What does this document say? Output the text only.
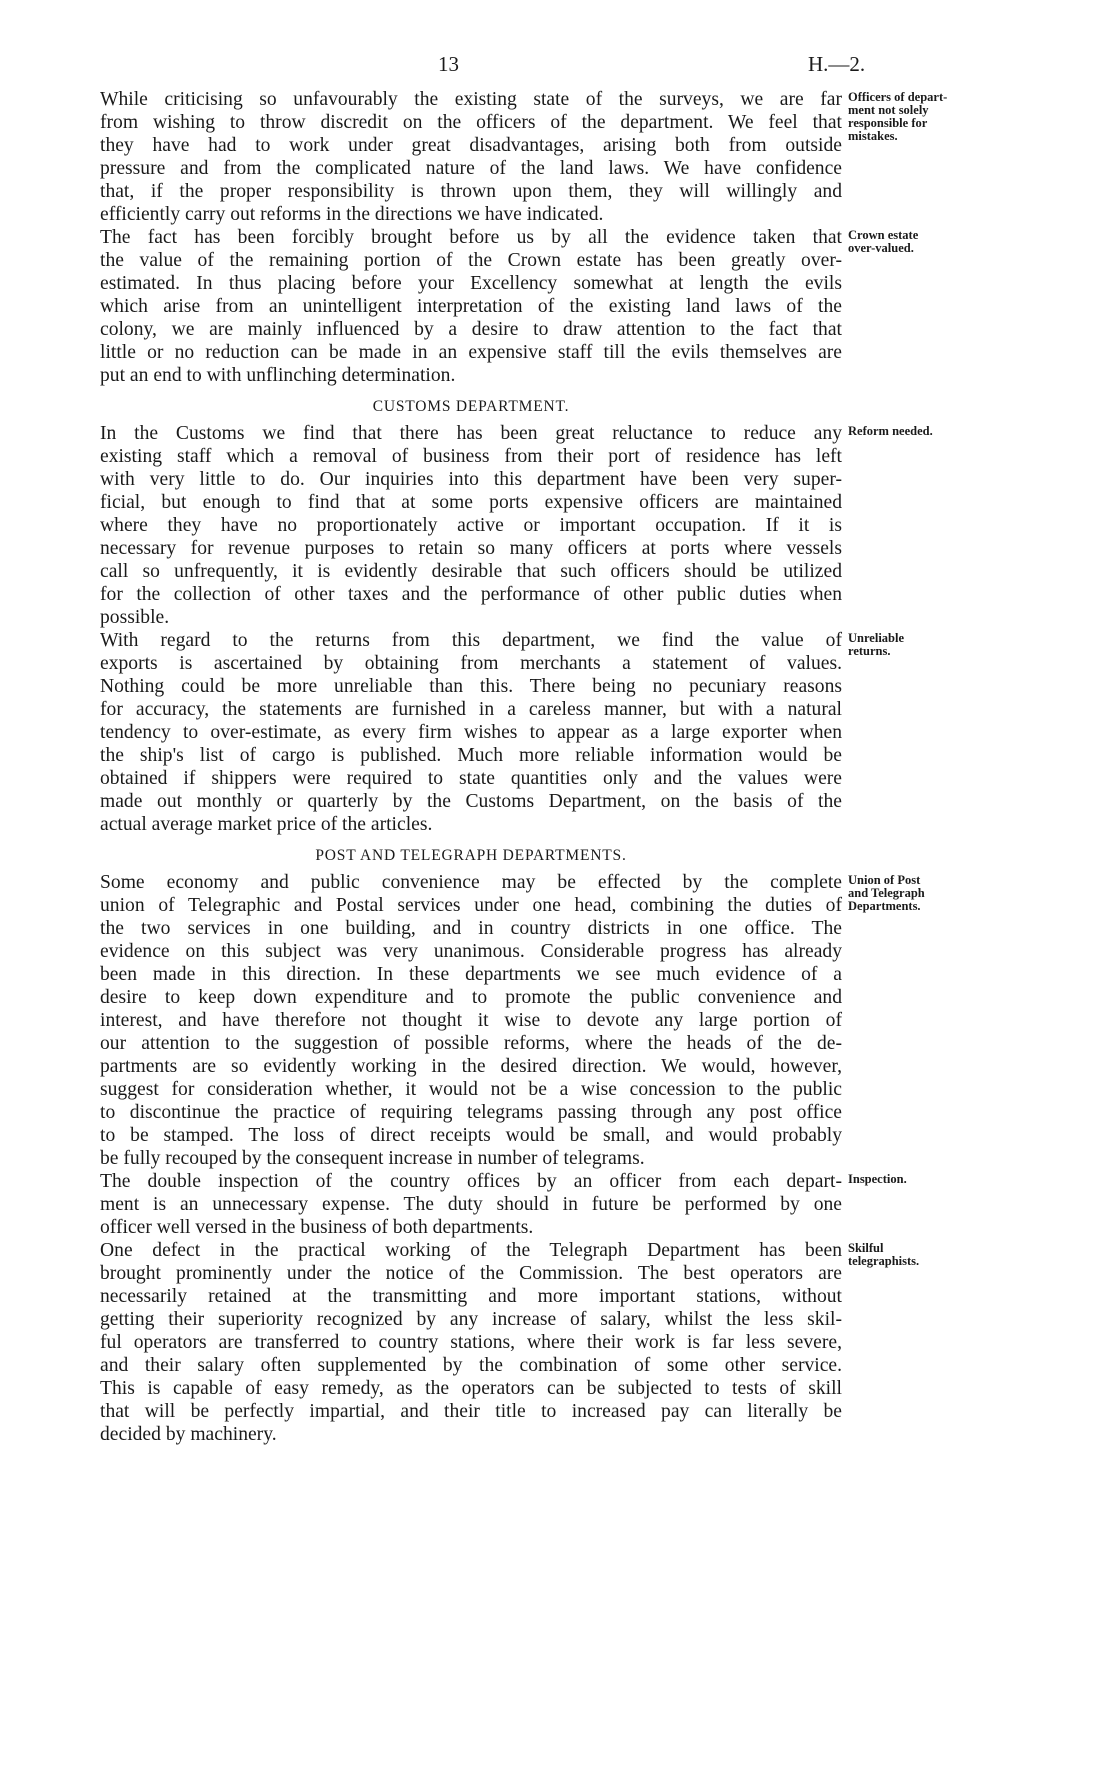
13	H.—2.
While criticising so unfavourably the existing state of the surveys, we are far
from wishing to throw discredit on the officers of the department. We feel that
they have had to work under great disadvantages, arising both from outside
pressure and from the complicated nature of the land laws. We have confidence
that, if the proper responsibility is thrown upon them, they will willingly and
efficiently carry out reforms in the directions we have indicated.
Officers of depart-
ment not solely
responsible for
mistakes.
The fact has been forcibly brought before us by all the evidence taken that
the value of the remaining portion of the Crown estate has been greatly over-
estimated. In thus placing before your Excellency somewhat at length the evils
which arise from an unintelligent interpretation of the existing land laws of the
colony, we are mainly influenced by a desire to draw attention to the fact that
little or no reduction can be made in an expensive staff till the evils themselves are
put an end to with unflinching determination.
Crown estate
over-valued.
CUSTOMS DEPARTMENT.
In the Customs we find that there has been great reluctance to reduce any
existing staff which a removal of business from their port of residence has left
with very little to do. Our inquiries into this department have been very super-
ficial, but enough to find that at some ports expensive officers are maintained
where they have no proportionately active or important occupation. If it is
necessary for revenue purposes to retain so many officers at ports where vessels
call so unfrequently, it is evidently desirable that such officers should be utilized
for the collection of other taxes and the performance of other public duties when
possible.
Reform needed.
With regard to the returns from this department, we find the value of
exports is ascertained by obtaining from merchants a statement of values.
Nothing could be more unreliable than this. There being no pecuniary reasons
for accuracy, the statements are furnished in a careless manner, but with a natural
tendency to over-estimate, as every firm wishes to appear as a large exporter when
the ship's list of cargo is published. Much more reliable information would be
obtained if shippers were required to state quantities only and the values were
made out monthly or quarterly by the Customs Department, on the basis of the
actual average market price of the articles.
Unreliable
returns.
POST AND TELEGRAPH DEPARTMENTS.
Some economy and public convenience may be effected by the complete
union of Telegraphic and Postal services under one head, combining the duties of
the two services in one building, and in country districts in one office. The
evidence on this subject was very unanimous. Considerable progress has already
been made in this direction. In these departments we see much evidence of a
desire to keep down expenditure and to promote the public convenience and
interest, and have therefore not thought it wise to devote any large portion of
our attention to the suggestion of possible reforms, where the heads of the de-
partments are so evidently working in the desired direction. We would, however,
suggest for consideration whether, it would not be a wise concession to the public
to discontinue the practice of requiring telegrams passing through any post office
to be stamped. The loss of direct receipts would be small, and would probably
be fully recouped by the consequent increase in number of telegrams.
Union of Post
and Telegraph
Departments.
The double inspection of the country offices by an officer from each depart-
ment is an unnecessary expense. The duty should in future be performed by one
officer well versed in the business of both departments.
Inspection.
One defect in the practical working of the Telegraph Department has been
brought prominently under the notice of the Commission. The best operators are
necessarily retained at the transmitting and more important stations, without
getting their superiority recognized by any increase of salary, whilst the less skil-
ful operators are transferred to country stations, where their work is far less severe,
and their salary often supplemented by the combination of some other service.
This is capable of easy remedy, as the operators can be subjected to tests of skill
that will be perfectly impartial, and their title to increased pay can literally be
decided by machinery.
Skilful
telegraphists.
